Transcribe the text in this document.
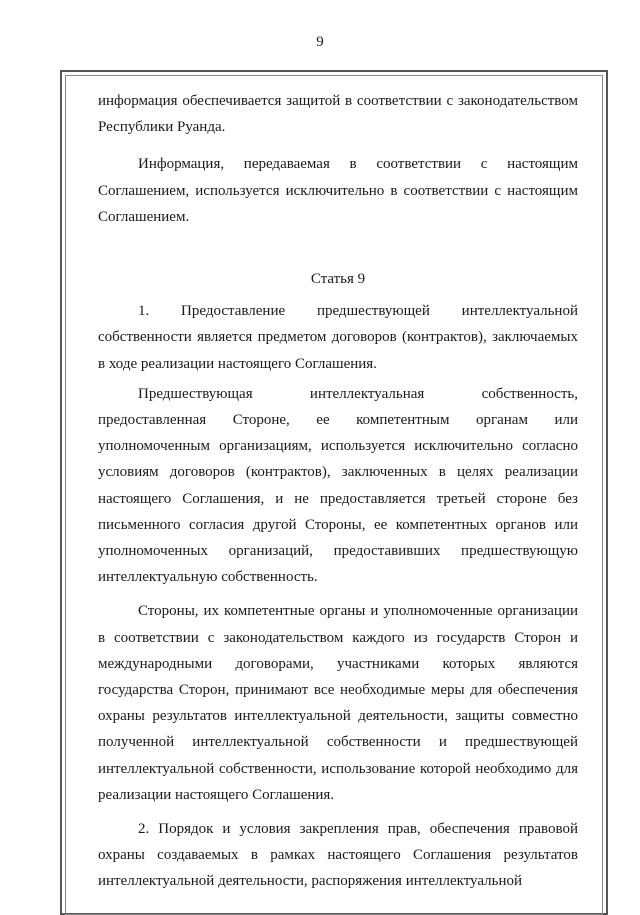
9

информация обеспечивается защитой в соответствии с законодательством Республики Руанда.

Информация, передаваемая в соответствии с настоящим Соглашением, используется исключительно в соответствии с настоящим Соглашением.

Статья 9

1. Предоставление предшествующей интеллектуальной собственности является предметом договоров (контрактов), заключаемых в ходе реализации настоящего Соглашения.

Предшествующая интеллектуальная собственность, предоставленная Стороне, ее компетентным органам или уполномоченным организациям, используется исключительно согласно условиям договоров (контрактов), заключенных в целях реализации настоящего Соглашения, и не предоставляется третьей стороне без письменного согласия другой Стороны, ее компетентных органов или уполномоченных организаций, предоставивших предшествующую интеллектуальную собственность.

Стороны, их компетентные органы и уполномоченные организации в соответствии с законодательством каждого из государств Сторон и международными договорами, участниками которых являются государства Сторон, принимают все необходимые меры для обеспечения охраны результатов интеллектуальной деятельности, защиты совместно полученной интеллектуальной собственности и предшествующей интеллектуальной собственности, использование которой необходимо для реализации настоящего Соглашения.

2. Порядок и условия закрепления прав, обеспечения правовой охраны создаваемых в рамках настоящего Соглашения результатов интеллектуальной деятельности, распоряжения интеллектуальной
